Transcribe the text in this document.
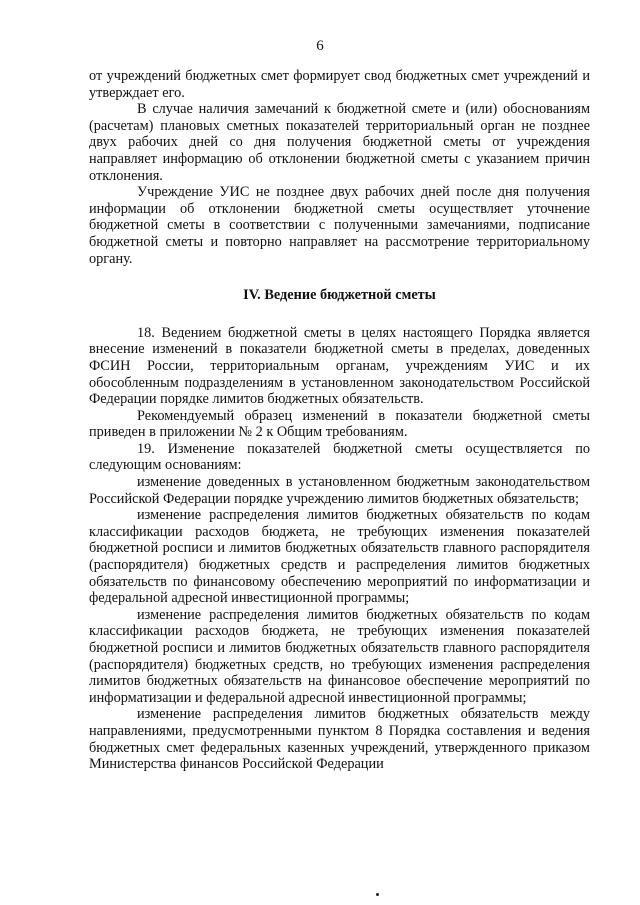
6

от учреждений бюджетных смет формирует свод бюджетных смет учреждений и утверждает его.

В случае наличия замечаний к бюджетной смете и (или) обоснованиям (расчетам) плановых сметных показателей территориальный орган не позднее двух рабочих дней со дня получения бюджетной сметы от учреждения направляет информацию об отклонении бюджетной сметы с указанием причин отклонения.

Учреждение УИС не позднее двух рабочих дней после дня получения информации об отклонении бюджетной сметы осуществляет уточнение бюджетной сметы в соответствии с полученными замечаниями, подписание бюджетной сметы и повторно направляет на рассмотрение территориальному органу.

IV. Ведение бюджетной сметы

18. Ведением бюджетной сметы в целях настоящего Порядка является внесение изменений в показатели бюджетной сметы в пределах, доведенных ФСИН России, территориальным органам, учреждениям УИС и их обособленным подразделениям в установленном законодательством Российской Федерации порядке лимитов бюджетных обязательств.

Рекомендуемый образец изменений в показатели бюджетной сметы приведен в приложении № 2 к Общим требованиям.

19. Изменение показателей бюджетной сметы осуществляется по следующим основаниям:

изменение доведенных в установленном бюджетным законодательством Российской Федерации порядке учреждению лимитов бюджетных обязательств;

изменение распределения лимитов бюджетных обязательств по кодам классификации расходов бюджета, не требующих изменения показателей бюджетной росписи и лимитов бюджетных обязательств главного распорядителя (распорядителя) бюджетных средств и распределения лимитов бюджетных обязательств по финансовому обеспечению мероприятий по информатизации и федеральной адресной инвестиционной программы;

изменение распределения лимитов бюджетных обязательств по кодам классификации расходов бюджета, не требующих изменения показателей бюджетной росписи и лимитов бюджетных обязательств главного распорядителя (распорядителя) бюджетных средств, но требующих изменения распределения лимитов бюджетных обязательств на финансовое обеспечение мероприятий по информатизации и федеральной адресной инвестиционной программы;

изменение распределения лимитов бюджетных обязательств между направлениями, предусмотренными пунктом 8 Порядка составления и ведения бюджетных смет федеральных казенных учреждений, утвержденного приказом Министерства финансов Российской Федерации
